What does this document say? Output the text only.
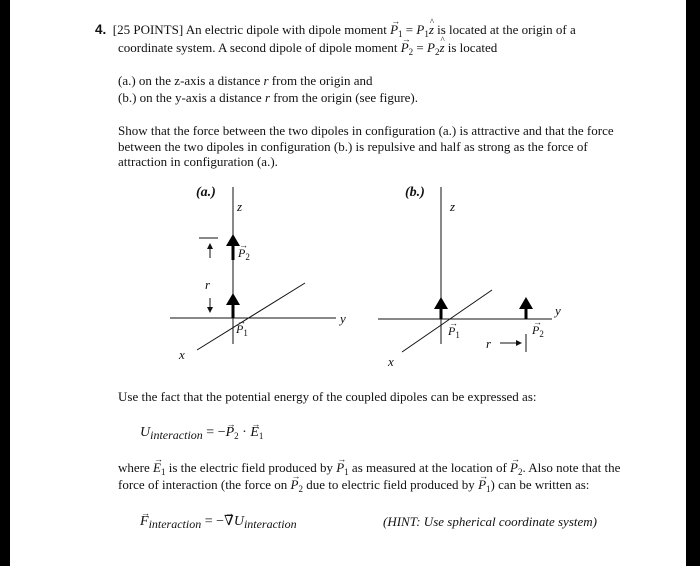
4. [25 POINTS] An electric dipole with dipole moment → $P_1$ = $P_1\^{}$ z is located at the origin of a
coordinate system. A second dipole of dipole moment → $P_2$ = $P_2\^{}$ z is located
(a.) on the z-axis a distance r from the origin and
(b.) on the y-axis a distance r from the origin (see figure).
Show that the force between the two dipoles in configuration (a.) is attractive and that the force
between the two dipoles in configuration (b.) is repulsive and half as strong as the force of
attraction in configuration (a.).
(a.)
z
y
x
r
→ $P_2$
→ $P_1$
(b.)
z
y
x
r
→ $P_1$
→	$P_2$
Use the fact that the potential energy of the coupled dipoles can be expressed as:
Uinteraction = −→ $P_2$ · → $E_1$
where → $E_1$ is the electric field produced by → $P_1$ as measured at the location of → $P_2$. Also note that the
force of interaction (the force on → $P_2$ due to electric field produced by → $P_1$) can be written as:
→ Finteraction = −→ ∇Uinteraction	(HINT: Use spherical coordinate system)
